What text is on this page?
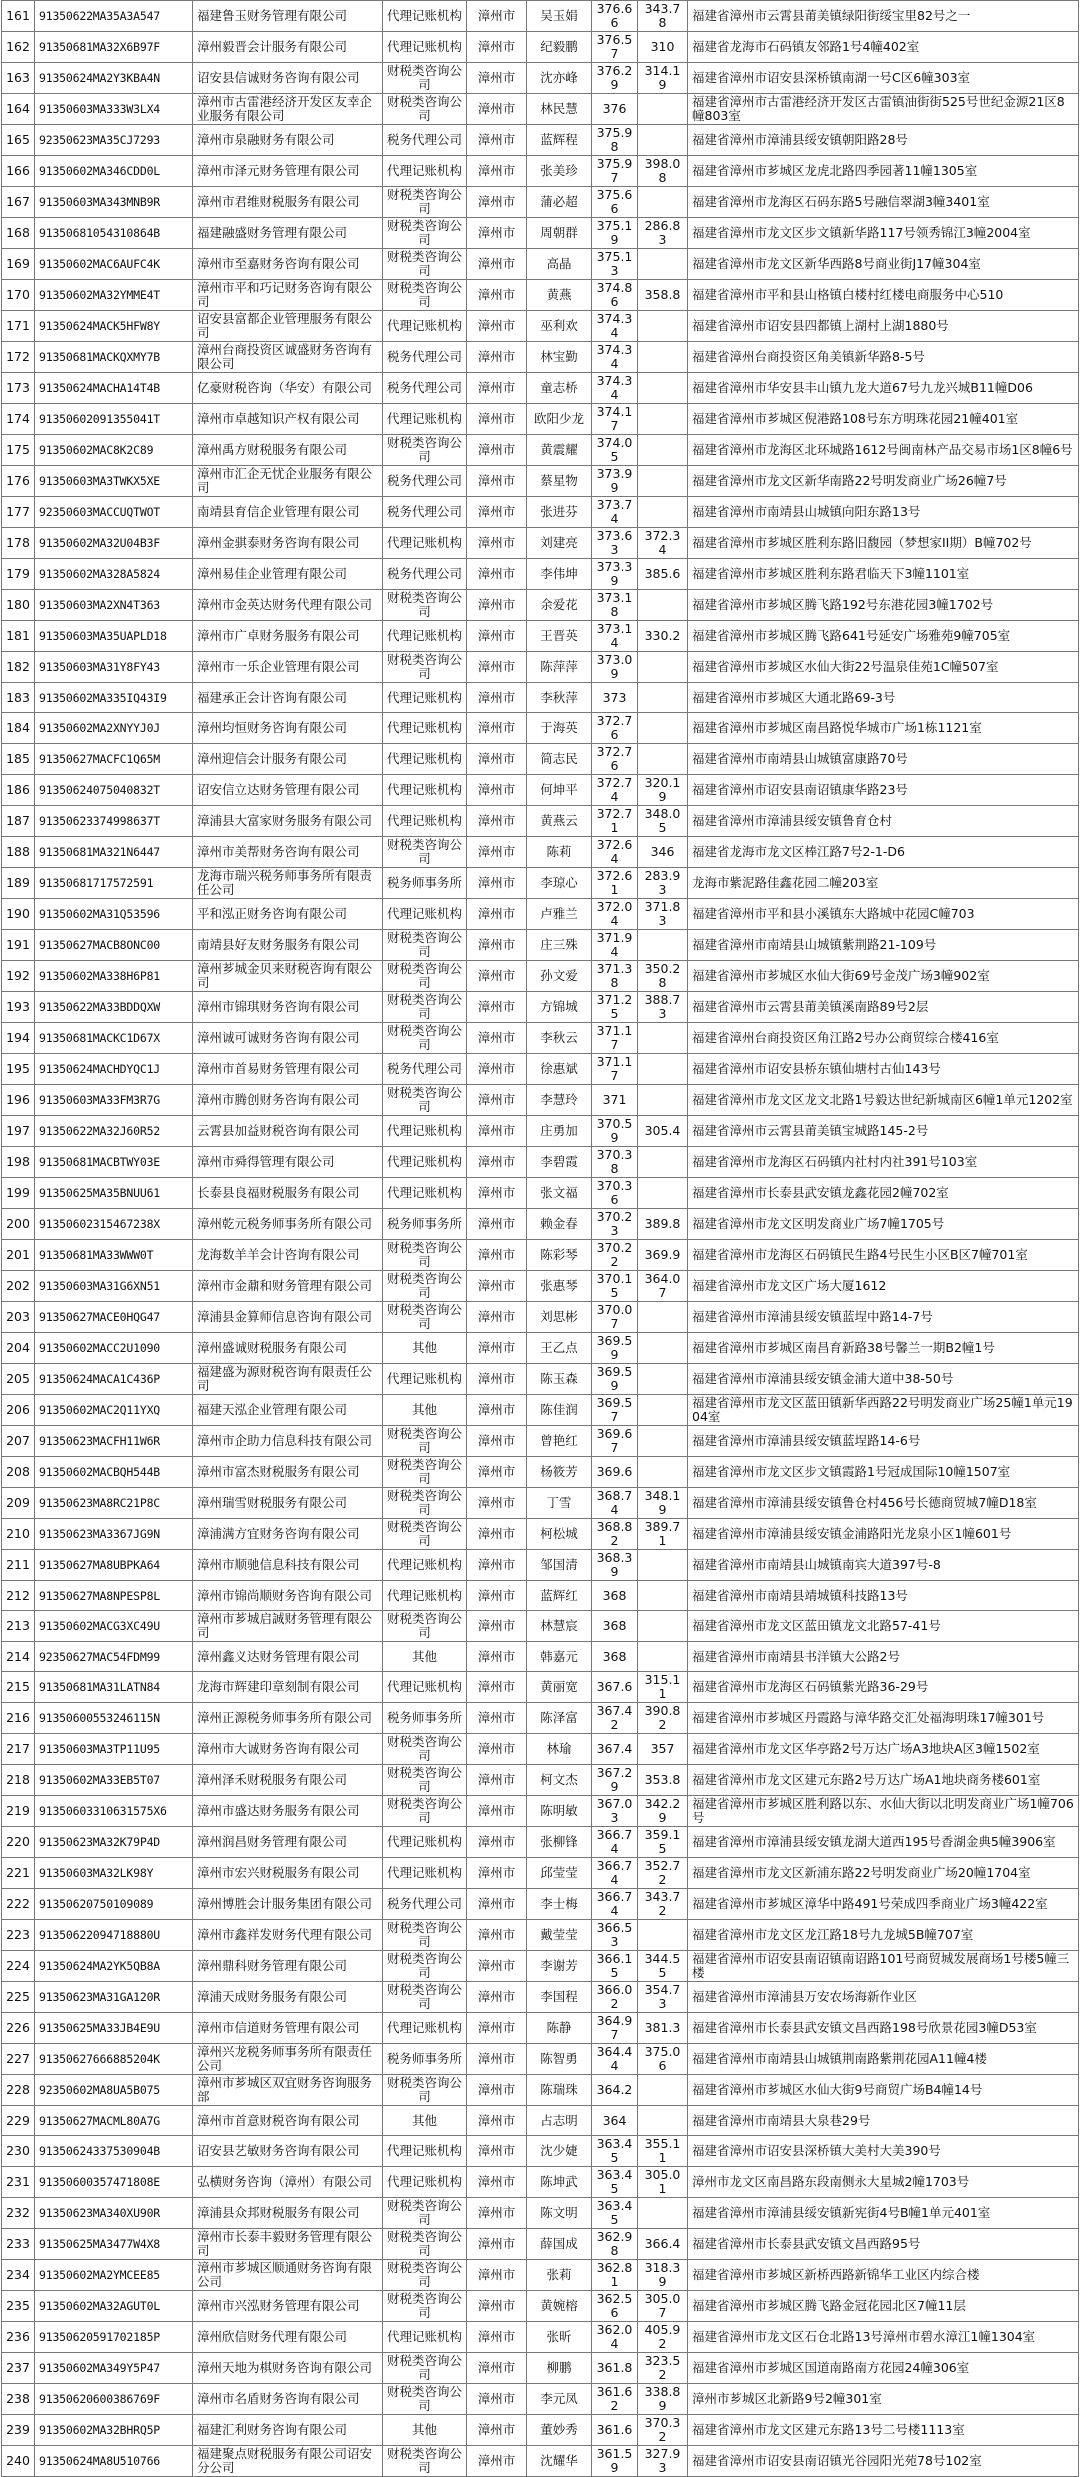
161	91350622MA35A3A547	福建鲁玉财务管理有限公司	代理记账机构	漳州市	吴玉娟	376.66	343.78	福建省漳州市云霄县莆美镇绿阳街绥宝里82号之一
162	91350681MA32X6B97F	漳州毅晋会计服务有限公司	代理记账机构	漳州市	纪毅鹏	376.57	310	福建省龙海市石码镇友邻路1号4幢402室
163	91350624MA2Y3KBA4N	诏安县信诚财务咨询有限公司	财税类咨询公司	漳州市	沈亦峰	376.29	314.19	福建省漳州市诏安县深桥镇南湖一号C区6幢303室
164	91350603MA333W3LX4	漳州市古雷港经济开发区友幸企业服务有限公司	财税类咨询公司	漳州市	林民慧	376		福建省漳州市古雷港经济开发区古雷镇油街街525号世纪金源21区8幢803室
165	92350623MA35CJ7293	漳州市泉融财务有限公司	税务代理公司	漳州市	蓝辉程	375.98		福建省漳州市漳浦县绥安镇朝阳路28号
166	91350602MA346CDD0L	漳州市泽元财务管理有限公司	代理记账机构	漳州市	张美珍	375.97	398.08	福建省漳州市芗城区龙虎北路四季园著11幢1305室
167	91350603MA343MNB9R	漳州市君维财税服务有限公司	财税类咨询公司	漳州市	蒲必超	375.66		福建省漳州市龙海区石码东路5号融信翠湖3幢3401室
168	91350681054310864B	福建融盛财务管理有限公司	财税类咨询公司	漳州市	周朝群	375.19	286.83	福建省漳州市龙文区步文镇新华路117号领秀锦江3幢2004室
169	91350602MAC6AUFC4K	漳州市至嘉财务咨询有限公司	财税类咨询公司	漳州市	高晶	375.13		福建省漳州市龙文区新华西路8号商业街J17幢304室
170	91350602MA32YMME4T	漳州市平和巧记财务咨询有限公司	财税类咨询公司	漳州市	黄燕	374.86	358.8	福建省漳州市平和县山格镇白楼村红楼电商服务中心510
171	91350624MACK5HFW8Y	诏安县富都企业管理服务有限公司	代理记账机构	漳州市	巫利欢	374.34		福建省漳州市诏安县四都镇上湖村上湖1880号
172	91350681MACKQXMY7B	漳州台商投资区诚盛财务咨询有限公司	税务代理公司	漳州市	林宝勤	374.34		福建省漳州台商投资区角美镇新华路8-5号
173	91350624MACHA14T4B	亿豪财税咨询（华安）有限公司	税务代理公司	漳州市	童志桥	374.34		福建省漳州市华安县丰山镇九龙大道67号九龙兴城B11幢D06
174	91350602091355041T	漳州市卓越知识产权有限公司	代理记账机构	漳州市	欧阳少龙	374.17		福建省漳州市芗城区倪港路108号东方明珠花园21幢401室
175	91350602MAC8K2C89	漳州禹方财税服务有限公司	财税类咨询公司	漳州市	黄震耀	374.05		福建省漳州市龙海区北环城路1612号闽南林产品交易市场1区8幢6号
176	91350603MA3TWKX5XE	漳州市汇企无忧企业服务有限公司	税务代理公司	漳州市	蔡星物	373.99		福建省漳州市龙文区新华南路22号明发商业广场26幢7号
177	92350603MACCUQTWOT	南靖县育信企业管理有限公司	税务代理公司	漳州市	张进芬	373.74		福建省漳州市南靖县山城镇向阳东路13号
178	91350602MA32U04B3F	漳州金骐泰财务咨询有限公司	代理记账机构	漳州市	刘建亮	373.63	372.34	福建省漳州市芗城区胜利东路旧馥园（梦想家II期）B幢702号
179	91350602MA328A5824	漳州易佳企业管理有限公司	税务代理公司	漳州市	李伟坤	373.39	385.6	福建省漳州市芗城区胜利东路君临天下3幢1101室
180	91350603MA2XN4T363	漳州市金英达财务代理有限公司	财税类咨询公司	漳州市	余爱花	373.18		福建省漳州市芗城区腾飞路192号东港花园3幢1702号
181	91350603MA35UAPLD18	漳州市广卓财务服务有限公司	代理记账机构	漳州市	王晋英	373.14	330.2	福建省漳州市芗城区腾飞路641号延安广场雅苑9幢705室
182	91350603MA31Y8FY43	漳州市一乐企业管理有限公司	财税类咨询公司	漳州市	陈萍萍	373.09		福建省漳州市芗城区水仙大街22号温泉佳苑1C幢507室
183	91350602MA335IQ43I9	福建承正会计咨询有限公司	代理记账机构	漳州市	李秋萍	373		福建省漳州市芗城区大通北路69-3号
184	91350602MA2XNYYJ0J	漳州均恒财务咨询有限公司	代理记账机构	漳州市	于海英	372.76		福建省漳州市芗城区南昌路悦华城市广场1栋1121室
185	91350627MACFC1Q65M	漳州迎信会计服务有限公司	代理记账机构	漳州市	简志民	372.76		福建省漳州市南靖县山城镇富康路70号
186	91350624075040832T	诏安信立达财务管理有限公司	代理记账机构	漳州市	何坤平	372.74	320.19	福建省漳州市诏安县南诏镇康华路23号
187	91350623374998637T	漳浦县大富家财务服务有限公司	代理记账机构	漳州市	黄燕云	372.71	348.05	福建省漳州市漳浦县绥安镇鲁育仓村
188	91350681MA321N6447	漳州市美帮财务咨询有限公司	财税类咨询公司	漳州市	陈莉	372.64	346	福建省龙海市龙文区棒江路7号2-1-D6
189	91350681717572591	龙海市瑞兴税务师事务所有限责任公司	税务师事务所	漳州市	李琼心	372.61	283.93	龙海市紫泥路佳鑫花园二幢203室
190	91350602MA31Q53596	平和泓正财务咨询有限公司	代理记账机构	漳州市	卢雅兰	372.04	371.83	福建省漳州市平和县小溪镇东大路城中花园C幢703
191	91350627MACB8ONC00	南靖县好友财务服务有限公司	财税类咨询公司	漳州市	庄三殊	371.94		福建省漳州市南靖县山城镇紫荆路21-109号
192	91350602MA338H6P81	漳州芗城金贝来财税咨询有限公司	财税类咨询公司	漳州市	孙文爱	371.38	350.28	福建省漳州市芗城区水仙大街69号金茂广场3幢902室
193	91350622MA33BDDQXW	漳州市锦琪财务咨询有限公司	财税类咨询公司	漳州市	方锦城	371.25	388.73	福建省漳州市云霄县莆美镇溪南路89号2层
194	91350681MACKC1D67X	漳州诚可诚财务咨询有限公司	财税类咨询公司	漳州市	李秋云	371.17		福建省漳州台商投资区角江路2号办公商贸综合楼416室
195	91350624MACHDYQC1J	漳州市首易财务管理有限公司	税务代理公司	漳州市	徐惠斌	371.17		福建省漳州市诏安县桥东镇仙塘村古仙143号
196	91350603MA33FM3R7G	漳州市腾创财务咨询有限公司	财税类咨询公司	漳州市	李慧玲	371		福建省漳州市龙文区龙文北路1号毅达世纪新城南区6幢1单元1202室
197	91350622MA32J60R52	云霄县加益财税咨询有限公司	代理记账机构	漳州市	庄勇加	370.59	305.4	福建省漳州市云霄县莆美镇宝城路145-2号
198	91350681MACBTWY03E	漳州市舜得管理有限公司	代理记账机构	漳州市	李碧霞	370.38		福建省漳州市龙海区石码镇内社村内社391号103室
199	91350625MA35BNUU61	长泰县良福财税服务有限公司	代理记账机构	漳州市	张文福	370.36		福建省漳州市长泰县武安镇龙鑫花园2幢702室
200	91350602315467238X	漳州乾元税务师事务所有限公司	税务师事务所	漳州市	赖金春	370.23	389.8	福建省漳州市龙文区明发商业广场7幢1705号
201	91350681MA33WWW0T	龙海数羊羊会计咨询有限公司	财税类咨询公司	漳州市	陈彩琴	370.22	369.9	福建省漳州市龙海区石码镇民生路4号民生小区B区7幢701室
202	91350603MA31G6XN51	漳州市金鼐和财务管理有限公司	财税类咨询公司	漳州市	张惠琴	370.15	364.07	福建省漳州市龙文区广场大厦1612
203	91350627MACE0HQG47	漳浦县金算师信息咨询有限公司	财税类咨询公司	漳州市	刘思彬	370.07		福建省漳州市漳浦县绥安镇蓝埕中路14-7号
204	91350602MACC2U1090	漳州盛诚财税服务有限公司	其他	漳州市	王乙点	369.59		福建省漳州市芗城区南昌育新路38号馨兰一期B2幢1号
205	91350624MACA1C436P	福建盛为源财税咨询有限责任公司	代理记账机构	漳州市	陈玉森	369.59		福建省漳州市漳浦县绥安镇金浦大道中38-50号
206	91350602MAC2Q11YXQ	福建天泓企业管理有限公司	其他	漳州市	陈佳润	369.57		福建省漳州市龙文区蓝田镇新华西路22号明发商业广场25幢1单元1904室
207	91350623MACFH11W6R	漳州市企助力信息科技有限公司	财税类咨询公司	漳州市	曾艳红	369.67		福建省漳州市漳浦县绥安镇蓝埕路14-6号
208	91350602MACBQH544B	漳州市富杰财税服务有限公司	财税类咨询公司	漳州市	杨筱芳	369.6		福建省漳州市龙文区步文镇霞路1号冠成国际10幢1507室
209	91350623MA8RC21P8C	漳州瑞雪财税服务有限公司	财税类咨询公司	漳州市	丁雪	368.74	348.19	福建省漳州市漳浦县绥安镇鲁仓村456号长德商贸城7幢D18室
210	91350623MA3367JG9N	漳浦满方宜财务咨询有限公司	财税类咨询公司	漳州市	柯松城	368.82	389.71	福建省漳州市漳浦县绥安镇金浦路阳光龙泉小区1幢601号
211	91350627MA8UBPKA64	漳州市顺驰信息科技有限公司	代理记账机构	漳州市	邹国清	368.39		福建省漳州市南靖县山城镇南宾大道397号-8
212	91350627MA8NPESP8L	漳州市锦尚顺财务咨询有限公司	代理记账机构	漳州市	蓝辉红	368		福建省漳州市南靖县靖城镇科技路13号
213	91350602MACG3XC49U	漳州市芗城启誠财务管理有限公司	财税类咨询公司	漳州市	林慧宸	368		福建省漳州市龙文区蓝田镇龙文北路57-41号
214	92350627MAC54FDM99	漳州鑫义达财务管理有限公司	其他	漳州市	韩嘉元	368		福建省漳州市南靖县书洋镇大公路2号
215	91350681MA31LATN84	龙海市辉建印章刻制有限公司	代理记账机构	漳州市	黄丽宽	367.6	315.11	福建省漳州市龙海区石码镇紫光路36-29号
216	91350600553246115N	漳州正源税务师事务所有限公司	税务师事务所	漳州市	陈泽富	367.42	390.82	福建省漳州市芗城区丹霞路与漳华路交汇处福海明珠17幢301号
217	91350603MA3TP11U95	漳州市大诚财务咨询有限公司	财税类咨询公司	漳州市	林瑜	367.4	357	福建省漳州市龙文区华亭路2号万达广场A3地块A区3幢1502室
218	91350602MA33EB5T07	漳州泽禾财税服务有限公司	财税类咨询公司	漳州市	柯文杰	367.29	353.8	福建省漳州市龙文区建元东路2号万达广场A1地块商务楼601室
219	91350603310631575X6	漳州市盛达财务服务有限公司	财税类咨询公司	漳州市	陈明敏	367.03	342.29	福建省漳州市芗城区胜利路以东、水仙大街以北明发商业广场1幢706号
220	91350623MA32K79P4D	漳州润昌财务管理有限公司	代理记账机构	漳州市	张柳锋	366.74	359.15	福建省漳州市漳浦县绥安镇龙湖大道西195号香湖金典5幢3906室
221	91350603MA32LK98Y	漳州市宏兴财税服务有限公司	代理记账机构	漳州市	邱莹莹	366.74	352.72	福建省漳州市龙文区新浦东路22号明发商业广场20幢1704室
222	91350620750109089	漳州博胜会计服务集团有限公司	税务代理公司	漳州市	李士梅	366.74	343.72	福建省漳州市芗城区漳华中路491号荣成四季商业广场3幢422室
223	91350622094718880U	漳州市鑫祥发财务代理有限公司	财税类咨询公司	漳州市	戴莹莹	366.53		福建省漳州市龙文区龙江路18号九龙城5B幢707室
224	91350624MA2YK5QB8A	漳州鼎科财务管理有限公司	财税类咨询公司	漳州市	李谢芳	366.15	344.55	福建省漳州市诏安县南诏镇南诏路101号商贸城发展商场1号楼5幢三楼
225	91350623MA31GA120R	漳浦天成财务服务有限公司	财税类咨询公司	漳州市	李国程	366.02	354.73	福建省漳州市漳浦县万安农场海新作业区
226	91350625MA33JB4E9U	漳州市信道财务管理有限公司	代理记账机构	漳州市	陈静	364.97	381.3	福建省漳州市长泰县武安镇文昌西路198号欣景花园3幢D53室
227	91350627666885204K	漳州兴龙税务师事务所有限责任公司	税务师事务所	漳州市	陈智勇	364.44	375.06	福建省漳州市南靖县山城镇荆南路紫荆花园A11幢4楼
228	92350602MA8UA5B075	漳州市芗城区双宜财务咨询服务部	财税类咨询公司	漳州市	陈瑞珠	364.2		福建省漳州市芗城区水仙大街9号商贸广场B4幢14号
229	91350627MACML80A7G	漳州市首意财税咨询有限公司	其他	漳州市	占志明	364		福建省漳州市南靖县大泉巷29号
230	91350624337530904B	诏安县艺敏财务咨询有限公司	代理记账机构	漳州市	沈少婕	363.45	355.11	福建省漳州市诏安县深桥镇大美村大美390号
231	91350600357471808E	弘横财务咨询（漳州）有限公司	代理记账机构	漳州市	陈坤武	363.45	305.01	漳州市龙文区南昌路东段南侧永大星城2幢1703号
232	91350623MA340XU90R	漳浦县众邦财税服务有限公司	财税类咨询公司	漳州市	陈文明	363.45		福建省漳州市漳浦县绥安镇新宪街4号B幢1单元401室
233	91350625MA3477W4X8	漳州市长泰丰毅财务管理有限公司	财税类咨询公司	漳州市	薛国成	362.98	366.4	福建省漳州市长泰县武安镇文昌西路95号
234	91350602MA2YMCEE85	漳州市芗城区顺通财务咨询有限公司	财税类咨询公司	漳州市	张莉	362.81	318.39	福建省漳州市芗城区新桥西路新锦华工业区内综合楼
235	91350602MA32AGUT0L	漳州市兴泓财务管理有限公司	财税类咨询公司	漳州市	黄婉榕	362.56	305.07	福建省漳州市芗城区腾飞路金冠花园北区7幢11层
236	91350620591702185P	漳州欣信财务代理有限公司	代理记账机构	漳州市	张昕	362.04	405.92	福建省漳州市龙文区石仓北路13号漳州市碧水漳江1幢1304室
237	91350602MA349Y5P47	漳州天地为棋财务咨询有限公司	财税类咨询公司	漳州市	柳鹏	361.8	323.52	福建省漳州市芗城区国道南路南方花园24幢306室
238	91350620600386769F	漳州市名盾财务咨询有限公司	财税类咨询公司	漳州市	李元凤	361.62	338.89	漳州市芗城区北新路9号2幢301室
239	91350602MA32BHRQ5P	福建汇利财务咨询有限公司	其他	漳州市	董妙秀	361.6	370.32	福建省漳州市龙文区建元东路13号二号楼1113室
240	91350624MA8U510766	福建聚点财税服务有限公司诏安分公司	财税类咨询公司	漳州市	沈耀华	361.59	327.93	福建省漳州市诏安县南诏镇光谷园阳光苑78号102室
